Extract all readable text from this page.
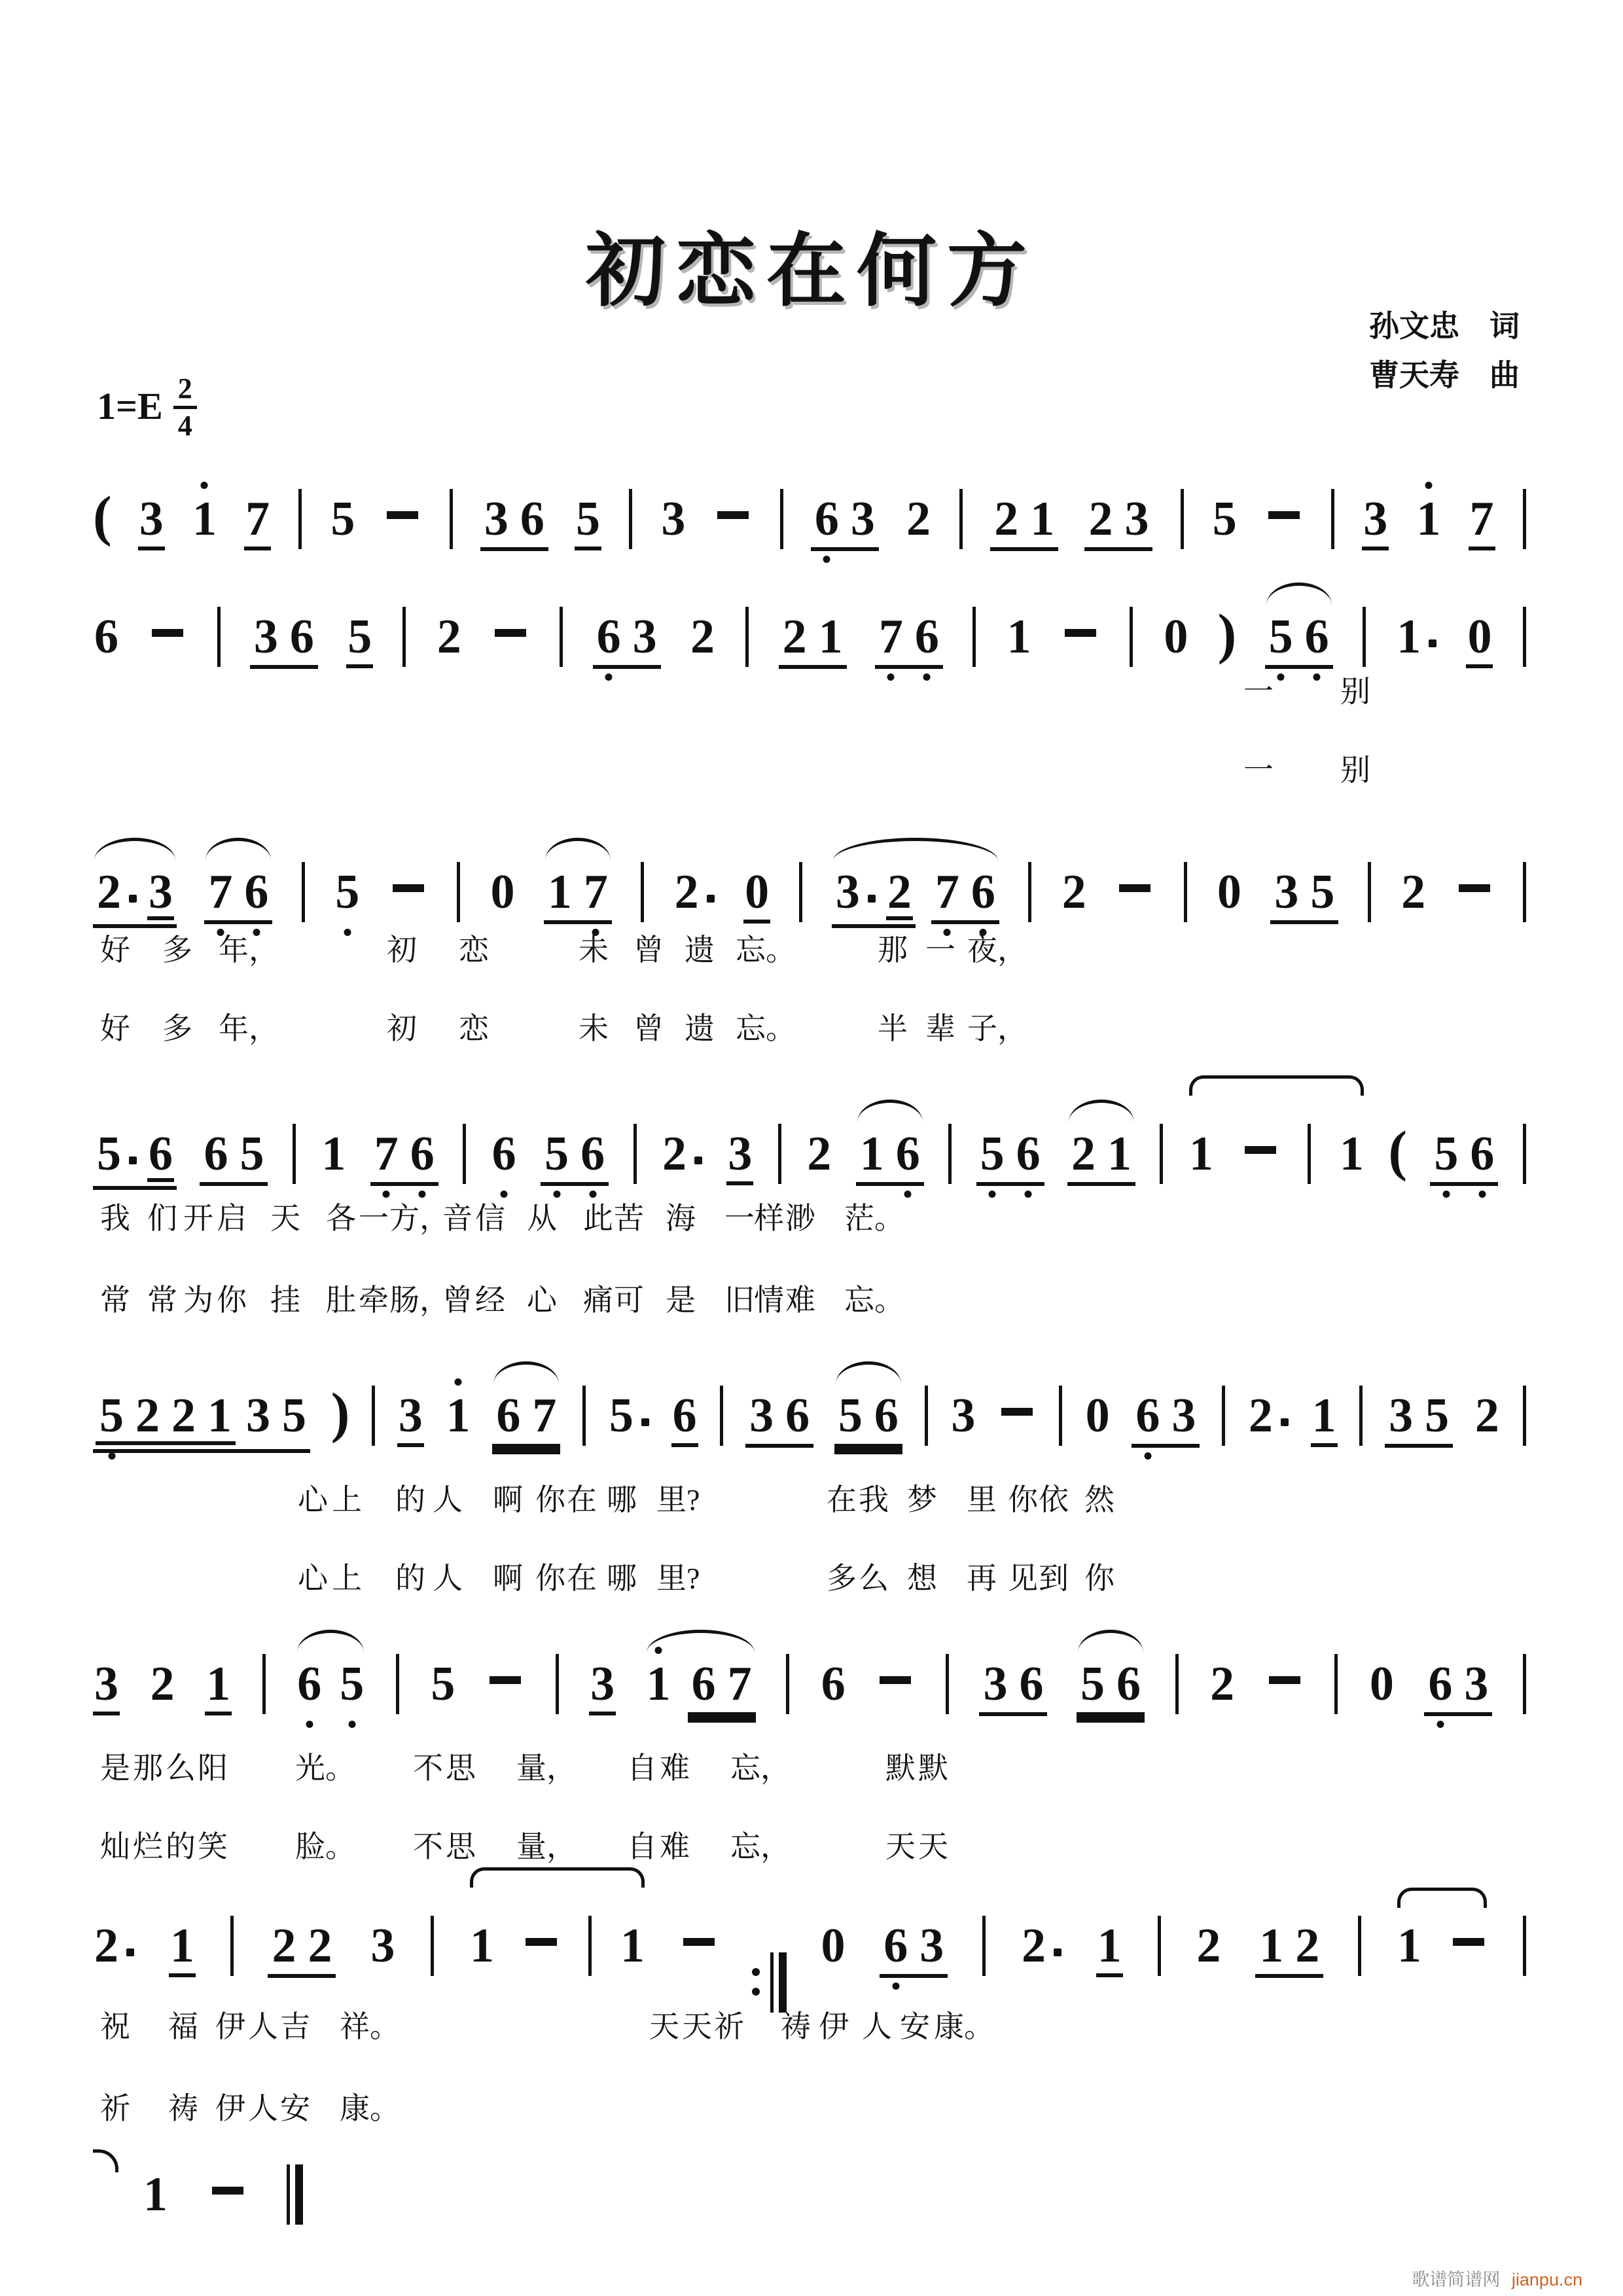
初恋在何方
孙文忠　词
曹天寿　曲
1=E 2
4
( 3 1 7 5	3 6 5 3	6 3 2 2 1 2 3 5	3 1 7
6	3 6 5 2	6 3 2 2 1 7 6 1	0 ) 5 6 1 0
2 3 7 6 5	0 1 7 2 0 3 2 7 6 2	0 3 5 2
5 6 6 5 1 7 6 6 5 6 2 3 2 1 6 5 6 2 1 1	1 ( 5 6
5 2 2 1 3 5 ) 3 1 6 7 5 6 3 6 5 6 3 0 6 3 2 1 3 5 2
3 2 1 6 5 5	3 1 6 7 6	3 6 5 6 2	0 6 3
2 1 2 2 3 1	1	0 6 3 2 1 2 1 2 1
1
一 别
一 别
好 多 年，	初 恋	未 曾 遗 忘。	那 一 夜，
好 多 年，	初 恋	未 曾 遗 忘。	半 辈 子，
我 们 开 启 天 各 一 方，
音 信 从 此 苦 海 一 样 渺 茫。
常 常 为 你 挂 肚 牵 肠，
曾 经 心 痛 可 是 旧 情 难 忘。
心 上 的 人 啊 你 在 哪 里?	在 我 梦 里 你 依 然
心 上 的 人 啊 你 在 哪 里?	多 么 想 再 见 到 你
是 那 么 阳 光。 不 思 量， 自 难 忘，	默 默
灿 烂 的 笑 脸。 不 思 量， 自 难 忘，	天 天
祝 福 伊 人 吉 祥。	天 天 祈 祷 伊 人 安 康。
祈 祷 伊 人 安 康。
歌谱简谱网 jianpu.cn
